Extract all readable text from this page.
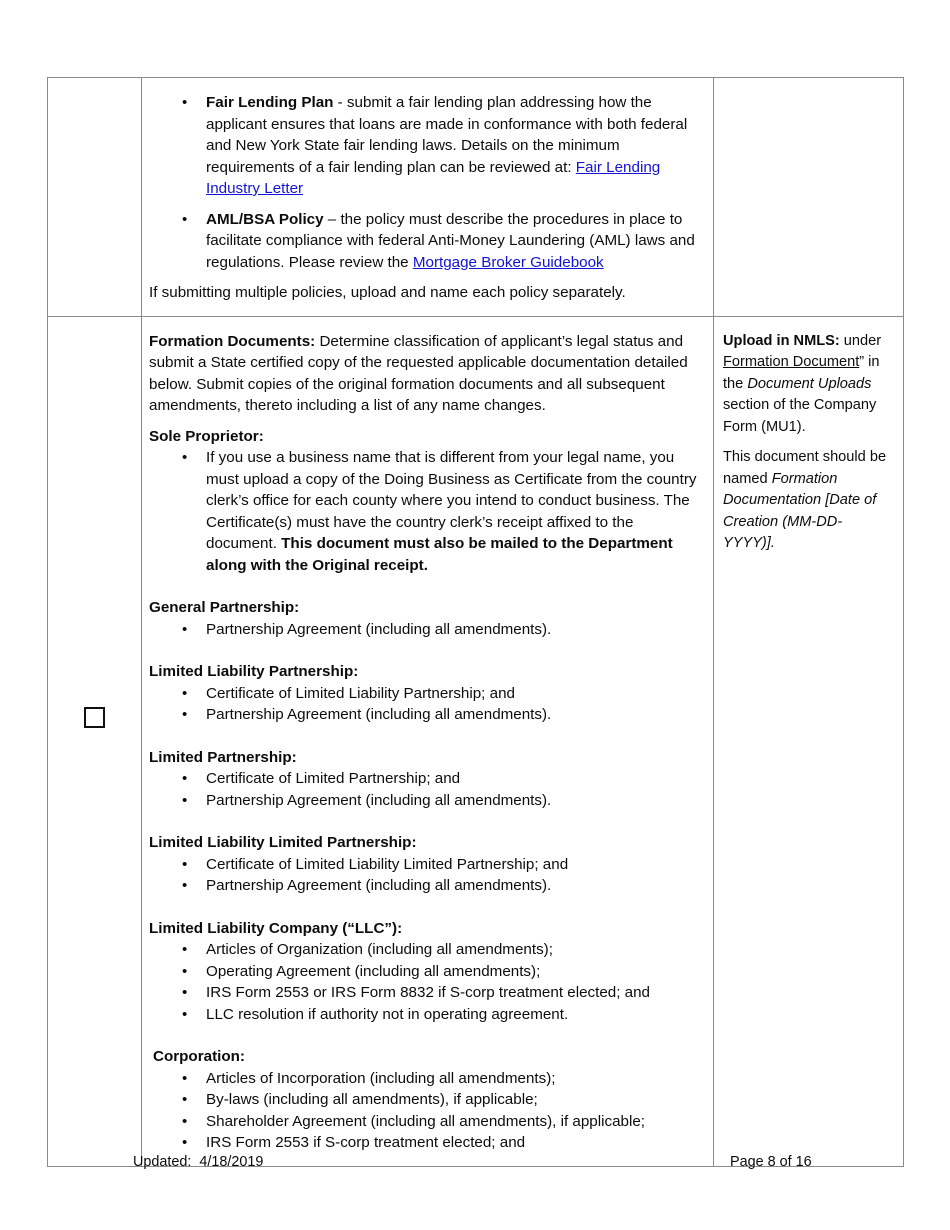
• Fair Lending Plan - submit a fair lending plan addressing how the applicant ensures that loans are made in conformance with both federal and New York State fair lending laws. Details on the minimum requirements of a fair lending plan can be reviewed at: Fair Lending Industry Letter
• AML/BSA Policy – the policy must describe the procedures in place to facilitate compliance with federal Anti-Money Laundering (AML) laws and regulations. Please review the Mortgage Broker Guidebook

If submitting multiple policies, upload and name each policy separately.

Formation Documents: Determine classification of applicant’s legal status and submit a State certified copy of the requested applicable documentation detailed below. Submit copies of the original formation documents and all subsequent amendments, thereto including a list of any name changes.

Sole Proprietor:

• If you use a business name that is different from your legal name, you must upload a copy of the Doing Business as Certificate from the country clerk’s office for each county where you intend to conduct business. The Certificate(s) must have the country clerk’s receipt affixed to the document. This document must also be mailed to the Department along with the Original receipt.

General Partnership:

• Partnership Agreement (including all amendments).

Limited Liability Partnership:

• Certificate of Limited Liability Partnership; and
• Partnership Agreement (including all amendments).

Limited Partnership:

• Certificate of Limited Partnership; and
• Partnership Agreement (including all amendments).

Limited Liability Limited Partnership:

• Certificate of Limited Liability Limited Partnership; and
• Partnership Agreement (including all amendments).

Limited Liability Company (“LLC”):

• Articles of Organization (including all amendments);
• Operating Agreement (including all amendments);
• IRS Form 2553 or IRS Form 8832 if S-corp treatment elected; and
• LLC resolution if authority not in operating agreement.

Corporation:

• Articles of Incorporation (including all amendments);
• By-laws (including all amendments), if applicable;
• Shareholder Agreement (including all amendments), if applicable;
• IRS Form 2553 if S-corp treatment elected; and

Upload in NMLS: under Formation Document” in the Document Uploads section of the Company Form (MU1).

This document should be named Formation Documentation [Date of Creation (MM-DD-YYYY)].

Updated:  4/18/2019	Page 8 of 16
